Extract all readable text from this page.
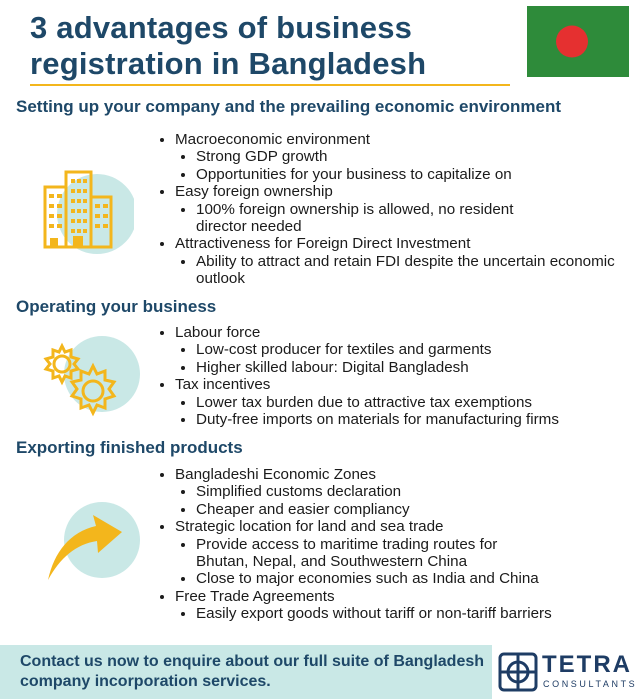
3 advantages of business registration in Bangladesh
Setting up your company and the prevailing economic environment
• Macroeconomic environment
• Strong GDP growth
• Opportunities for your business to capitalize on
• Easy foreign ownership
• 100% foreign ownership is allowed, no resident director needed
• Attractiveness for Foreign Direct Investment
• Ability to attract and retain FDI despite the uncertain economic outlook
Operating your business
• Labour force
• Low-cost producer for textiles and garments
• Higher skilled labour: Digital Bangladesh
• Tax incentives
• Lower tax burden due to attractive tax exemptions
• Duty-free imports on materials for manufacturing firms
Exporting finished products
• Bangladeshi Economic Zones
• Simplified customs declaration
• Cheaper and easier compliancy
• Strategic location for land and sea trade
• Provide access to maritime trading routes for Bhutan, Nepal, and Southwestern China
• Close to major economies such as India and China
• Free Trade Agreements
• Easily export goods without tariff or non-tariff barriers
Contact us now to enquire about our full suite of Bangladesh company incorporation services.
TETRA
CONSULTANTS
